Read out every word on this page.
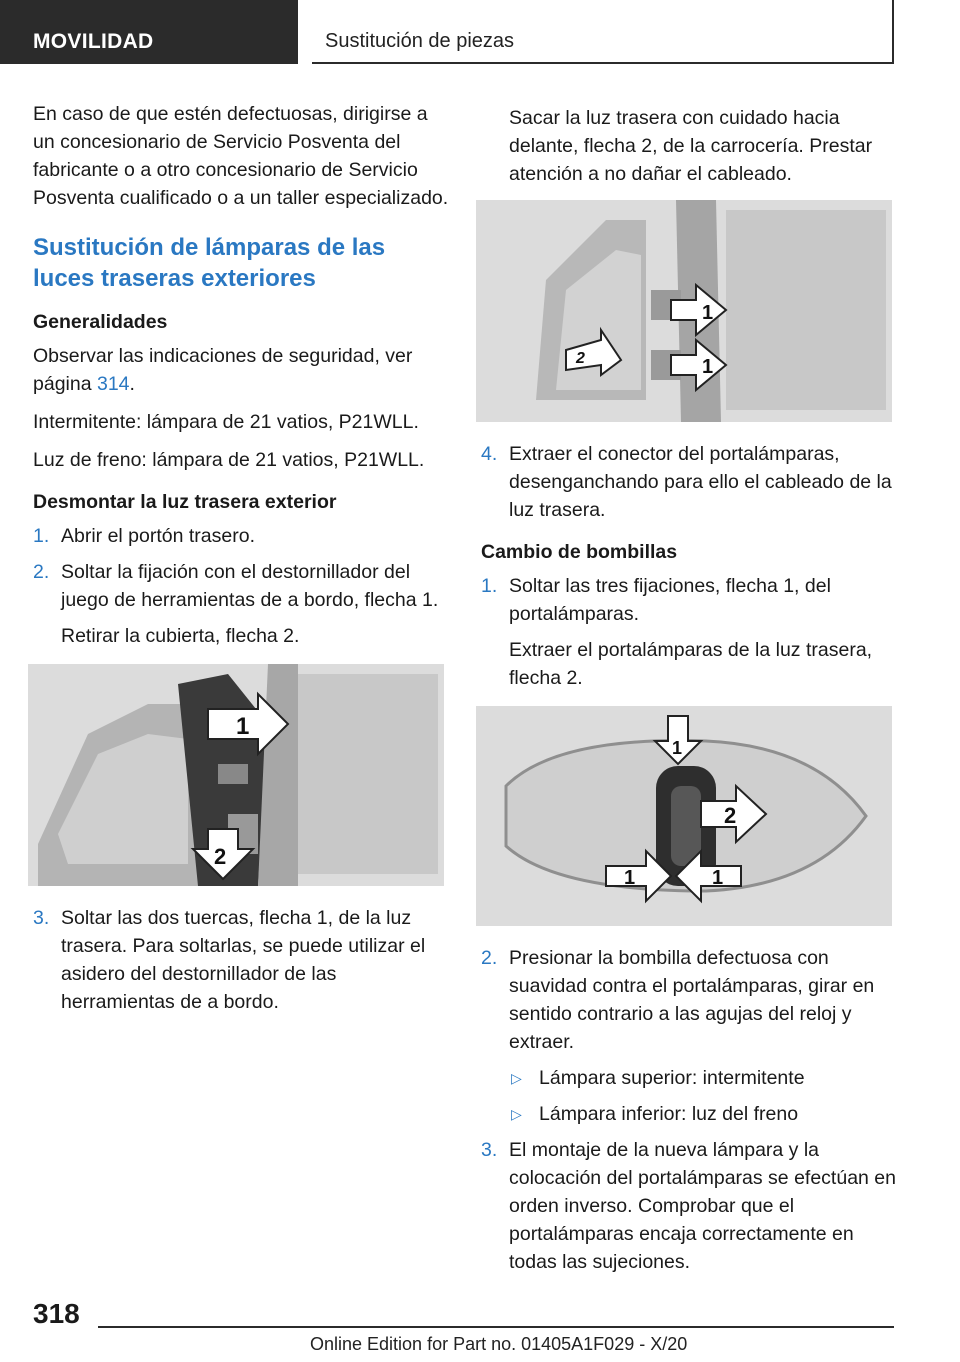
MOVILIDAD	Sustitución de piezas

En caso de que estén defectuosas, dirigirse a un concesionario de Servicio Posventa del fabricante o a otro concesionario de Servicio Posventa cualificado o a un taller especializado.

Sustitución de lámparas de las luces traseras exteriores
Generalidades

Observar las indicaciones de seguridad, ver página 314.

Intermitente: lámpara de 21 vatios, P21WLL.

Luz de freno: lámpara de 21 vatios, P21WLL.

Desmontar la luz trasera exterior
1. Abrir el portón trasero.
2. Soltar la fijación con el destornillador del juego de herramientas de a bordo, flecha 1.

Retirar la cubierta, flecha 2.

1
2
3. Soltar las dos tuercas, flecha 1, de la luz trasera. Para soltarlas, se puede utilizar el asidero del destornillador de las herramientas de a bordo.

Sacar la luz trasera con cuidado hacia delante, flecha 2, de la carrocería. Prestar atención a no dañar el cableado.

1
2	1
4. Extraer el conector del portalámparas, desenganchando para ello el cableado de la luz trasera.
Cambio de bombillas
1. Soltar las tres fijaciones, flecha 1, del portalámparas.

Extraer el portalámparas de la luz trasera, flecha 2.

1
2
1	1
2. Presionar la bombilla defectuosa con suavidad contra el portalámparas, girar en sentido contrario a las agujas del reloj y extraer.
▷ Lámpara superior: intermitente
▷ Lámpara inferior: luz del freno
3. El montaje de la nueva lámpara y la colocación del portalámparas se efectúan en orden inverso. Comprobar que el portalámparas encaja correctamente en todas las sujeciones.
318
Online Edition for Part no. 01405A1F029 - X/20
